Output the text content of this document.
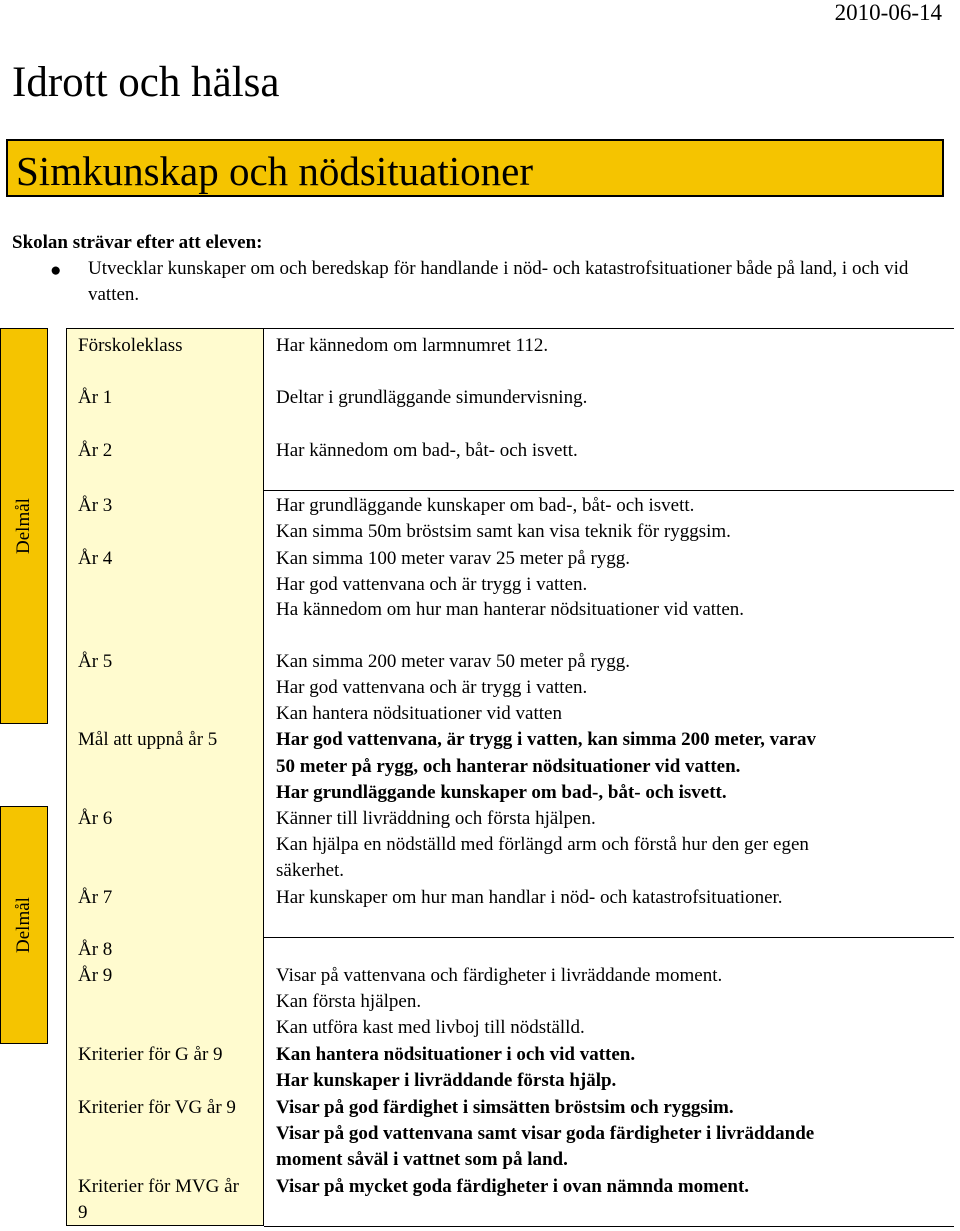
2010-06-14
Idrott och hälsa
Simkunskap och nödsituationer
Skolan strävar efter att eleven:
● Utvecklar kunskaper om och beredskap för handlande i nöd- och katastrofsituationer både på land, i och vid vatten.
Delmål
Delmål
Förskoleklass
År 1
År 2
År 3
År 4
År 5
Mål att uppnå år 5
År 6
År 7
År 8
År 9
Kriterier för G år 9
Kriterier för VG år 9
Kriterier för MVG år 9
Har kännedom om larmnumret 112.
Deltar i grundläggande simundervisning.
Har kännedom om bad-, båt- och isvett.
Har grundläggande kunskaper om bad-, båt- och isvett.
Kan simma 50m bröstsim samt kan visa teknik för ryggsim.
Kan simma 100 meter varav 25 meter på rygg.
Har god vattenvana och är trygg i vatten.
Ha kännedom om hur man hanterar nödsituationer vid vatten.
Kan simma 200 meter varav 50 meter på rygg.
Har god vattenvana och är trygg i vatten.
Kan hantera nödsituationer vid vatten
Har god vattenvana, är trygg i vatten, kan simma 200 meter, varav
50 meter på rygg, och hanterar nödsituationer vid vatten.
Har grundläggande kunskaper om bad-, båt- och isvett.
Känner till livräddning och första hjälpen.
Kan hjälpa en nödställd med förlängd arm och förstå hur den ger egen
säkerhet.
Har kunskaper om hur man handlar i nöd- och katastrofsituationer.
Visar på vattenvana och färdigheter i livräddande moment.
Kan första hjälpen.
Kan utföra kast med livboj till nödställd.
Kan hantera nödsituationer i och vid vatten.
Har kunskaper i livräddande första hjälp.
Visar på god färdighet i simsätten bröstsim och ryggsim.
Visar på god vattenvana samt visar goda färdigheter i livräddande
moment såväl i vattnet som på land.
Visar på mycket goda färdigheter i ovan nämnda moment.
